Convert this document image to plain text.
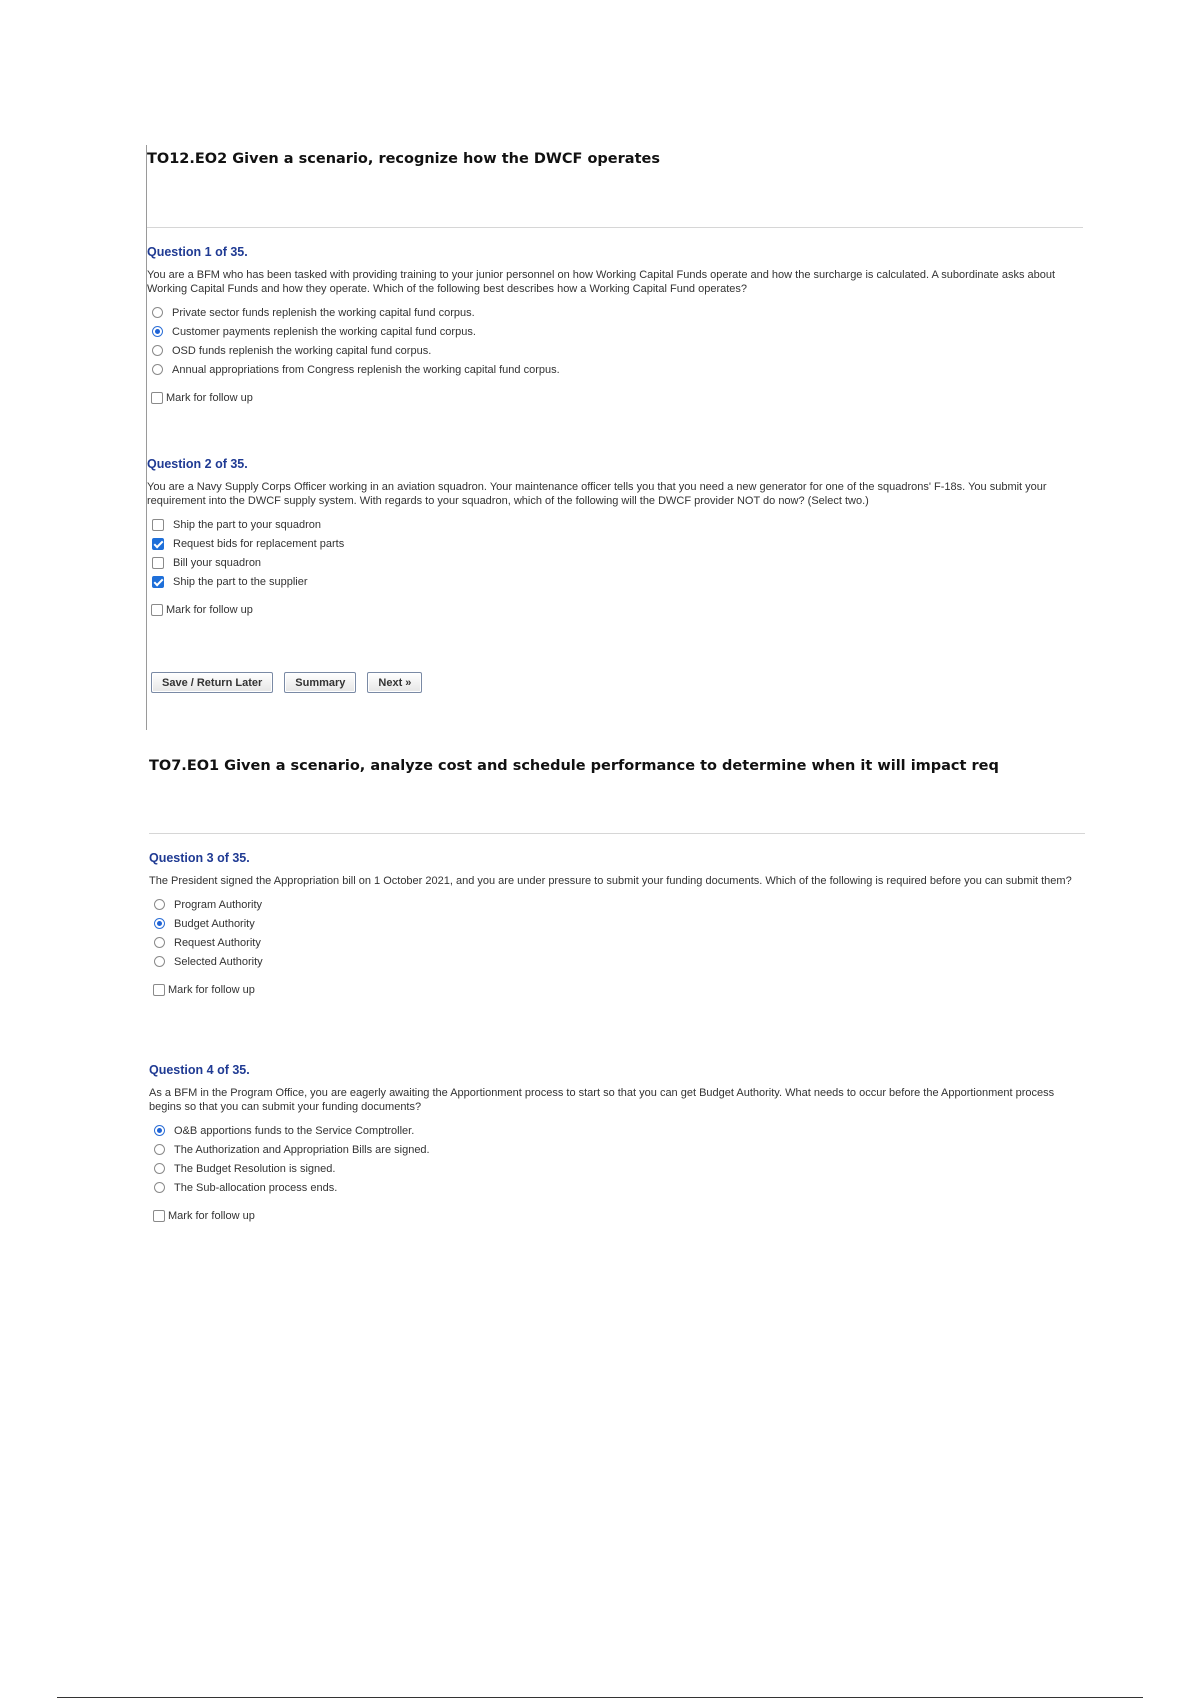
TO12.EO2 Given a scenario, recognize how the DWCF operates

Question 1 of 35.

You are a BFM who has been tasked with providing training to your junior personnel on how Working Capital Funds operate and how the surcharge is calculated. A subordinate asks about Working Capital Funds and how they operate. Which of the following best describes how a Working Capital Fund operates?

Private sector funds replenish the working capital fund corpus.
Customer payments replenish the working capital fund corpus.
OSD funds replenish the working capital fund corpus.
Annual appropriations from Congress replenish the working capital fund corpus.
Mark for follow up

Question 2 of 35.

You are a Navy Supply Corps Officer working in an aviation squadron. Your maintenance officer tells you that you need a new generator for one of the squadrons' F-18s. You submit your requirement into the DWCF supply system. With regards to your squadron, which of the following will the DWCF provider NOT do now? (Select two.)

Ship the part to your squadron
Request bids for replacement parts
Bill your squadron
Ship the part to the supplier
Mark for follow up
Save / Return Later	Summary	Next »
TO7.EO1 Given a scenario, analyze cost and schedule performance to determine when it will impact req

Question 3 of 35.

The President signed the Appropriation bill on 1 October 2021, and you are under pressure to submit your funding documents. Which of the following is required before you can submit them?

Program Authority
Budget Authority
Request Authority
Selected Authority
Mark for follow up

Question 4 of 35.

As a BFM in the Program Office, you are eagerly awaiting the Apportionment process to start so that you can get Budget Authority. What needs to occur before the Apportionment process begins so that you can submit your funding documents?

O&B apportions funds to the Service Comptroller.
The Authorization and Appropriation Bills are signed.
The Budget Resolution is signed.
The Sub-allocation process ends.
Mark for follow up
